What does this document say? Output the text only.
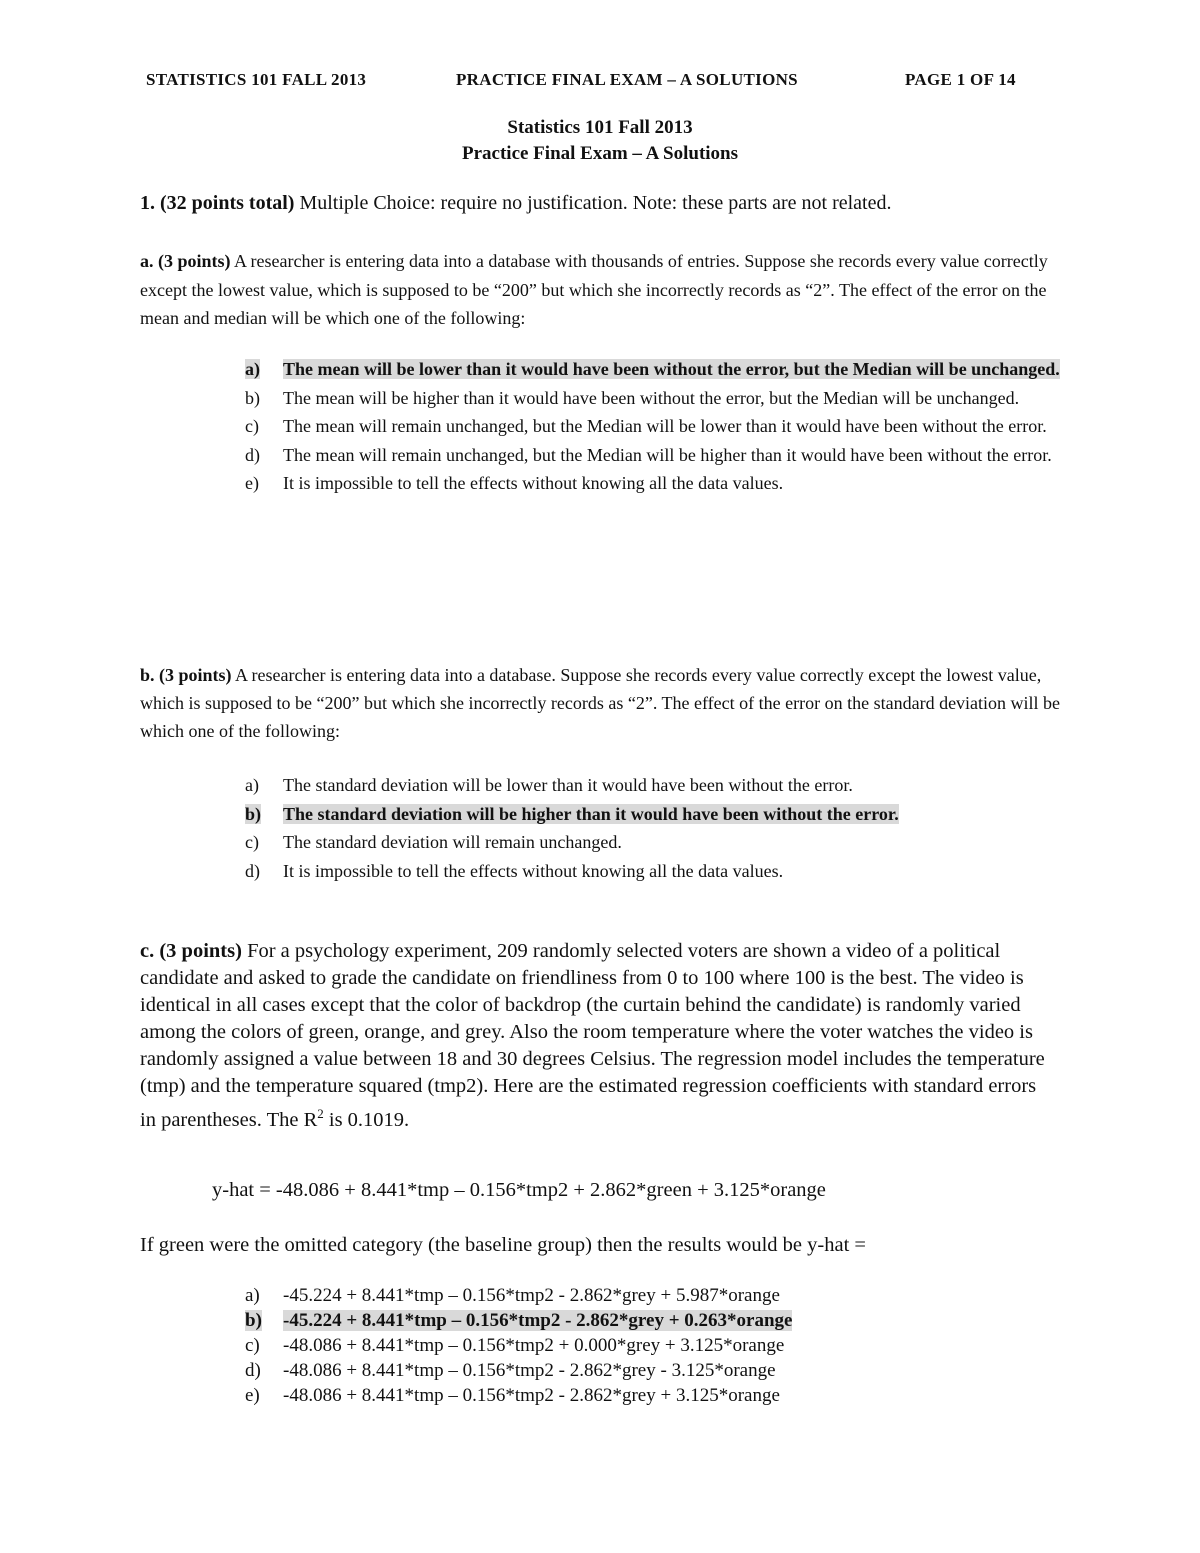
STATISTICS 101 FALL 2013	PRACTICE FINAL EXAM – A SOLUTIONS	PAGE 1 OF 14
Statistics 101 Fall 2013
Practice Final Exam – A Solutions
1. (32 points total) Multiple Choice: require no justification. Note: these parts are not related.
a. (3 points) A researcher is entering data into a database with thousands of entries. Suppose she records every value correctly except the lowest value, which is supposed to be “200” but which she incorrectly records as “2”. The effect of the error on the mean and median will be which one of the following:
a)	The mean will be lower than it would have been without the error, but the Median will be unchanged.
b)	The mean will be higher than it would have been without the error, but the Median will be unchanged.
c)	The mean will remain unchanged, but the Median will be lower than it would have been without the error.
d)	The mean will remain unchanged, but the Median will be higher than it would have been without the error.
e)	It is impossible to tell the effects without knowing all the data values.
b. (3 points) A researcher is entering data into a database. Suppose she records every value correctly except the lowest value, which is supposed to be “200” but which she incorrectly records as “2”. The effect of the error on the standard deviation will be which one of the following:
a)	The standard deviation will be lower than it would have been without the error.
b)	The standard deviation will be higher than it would have been without the error.
c)	The standard deviation will remain unchanged.
d)	It is impossible to tell the effects without knowing all the data values.
c. (3 points) For a psychology experiment, 209 randomly selected voters are shown a video of a political candidate and asked to grade the candidate on friendliness from 0 to 100 where 100 is the best. The video is identical in all cases except that the color of backdrop (the curtain behind the candidate) is randomly varied among the colors of green, orange, and grey. Also the room temperature where the voter watches the video is randomly assigned a value between 18 and 30 degrees Celsius. The regression model includes the temperature (tmp) and the temperature squared (tmp2). Here are the estimated regression coefficients with standard errors in parentheses. The $R^2$ is 0.1019.
y-hat = -48.086 + 8.441*tmp – 0.156*tmp2 + 2.862*green + 3.125*orange
If green were the omitted category (the baseline group) then the results would be y-hat =
a)	-45.224 + 8.441*tmp – 0.156*tmp2 - 2.862*grey + 5.987*orange
b)	-45.224 + 8.441*tmp – 0.156*tmp2 - 2.862*grey + 0.263*orange
c)	-48.086 + 8.441*tmp – 0.156*tmp2 + 0.000*grey + 3.125*orange
d)	-48.086 + 8.441*tmp – 0.156*tmp2 - 2.862*grey - 3.125*orange
e)	-48.086 + 8.441*tmp – 0.156*tmp2 - 2.862*grey + 3.125*orange
